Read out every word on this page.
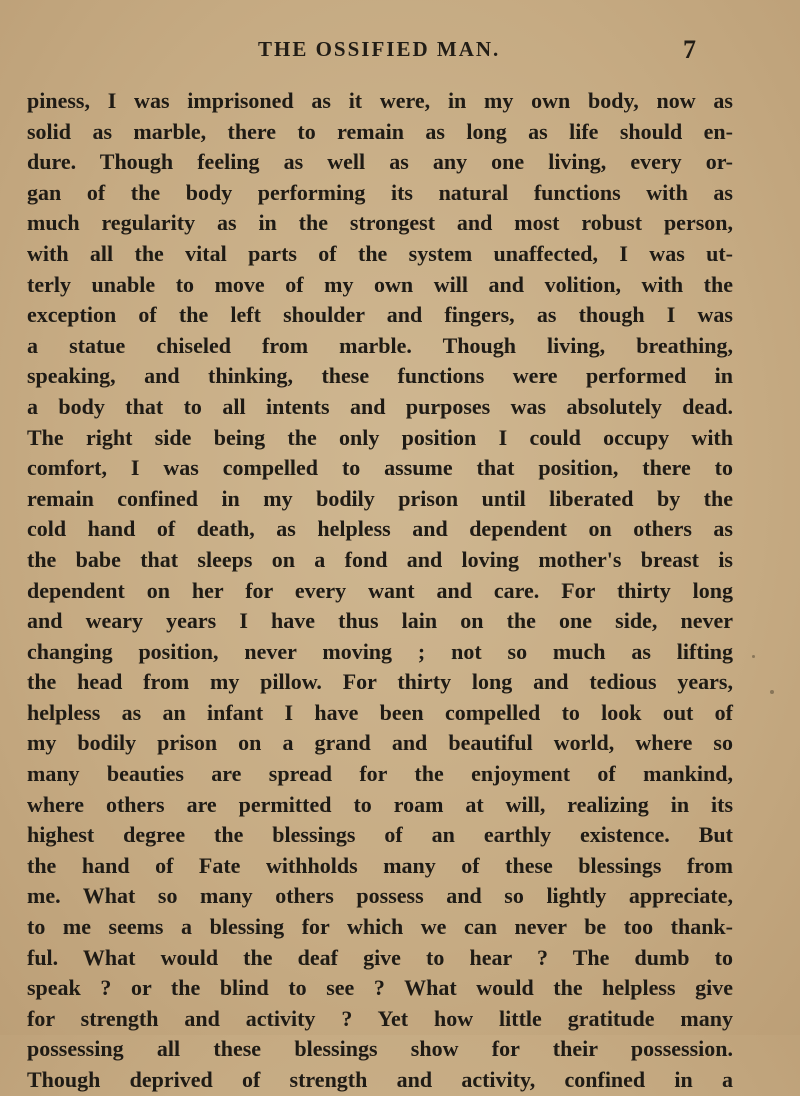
THE OSSIFIED MAN.	7
piness, I was imprisoned as it were, in my own body, now as
solid as marble, there to remain as long as life should en-
dure. Though feeling as well as any one living, every or-
gan of the body performing its natural functions with as
much regularity as in the strongest and most robust person,
with all the vital parts of the system unaffected, I was ut-
terly unable to move of my own will and volition, with the
exception of the left shoulder and fingers, as though I was
a statue chiseled from marble. Though living, breathing,
speaking, and thinking, these functions were performed in
a body that to all intents and purposes was absolutely dead.
The right side being the only position I could occupy with
comfort, I was compelled to assume that position, there to
remain confined in my bodily prison until liberated by the
cold hand of death, as helpless and dependent on others as
the babe that sleeps on a fond and loving mother's breast is
dependent on her for every want and care. For thirty long
and weary years I have thus lain on the one side, never
changing position, never moving ; not so much as lifting
the head from my pillow. For thirty long and tedious years,
helpless as an infant I have been compelled to look out of
my bodily prison on a grand and beautiful world, where so
many beauties are spread for the enjoyment of mankind,
where others are permitted to roam at will, realizing in its
highest degree the blessings of an earthly existence. But
the hand of Fate withholds many of these blessings from
me. What so many others possess and so lightly appreciate,
to me seems a blessing for which we can never be too thank-
ful. What would the deaf give to hear ? The dumb to
speak ? or the blind to see ? What would the helpless give
for strength and activity ? Yet how little gratitude many
possessing all these blessings show for their possession.
Though deprived of strength and activity, confined in a
